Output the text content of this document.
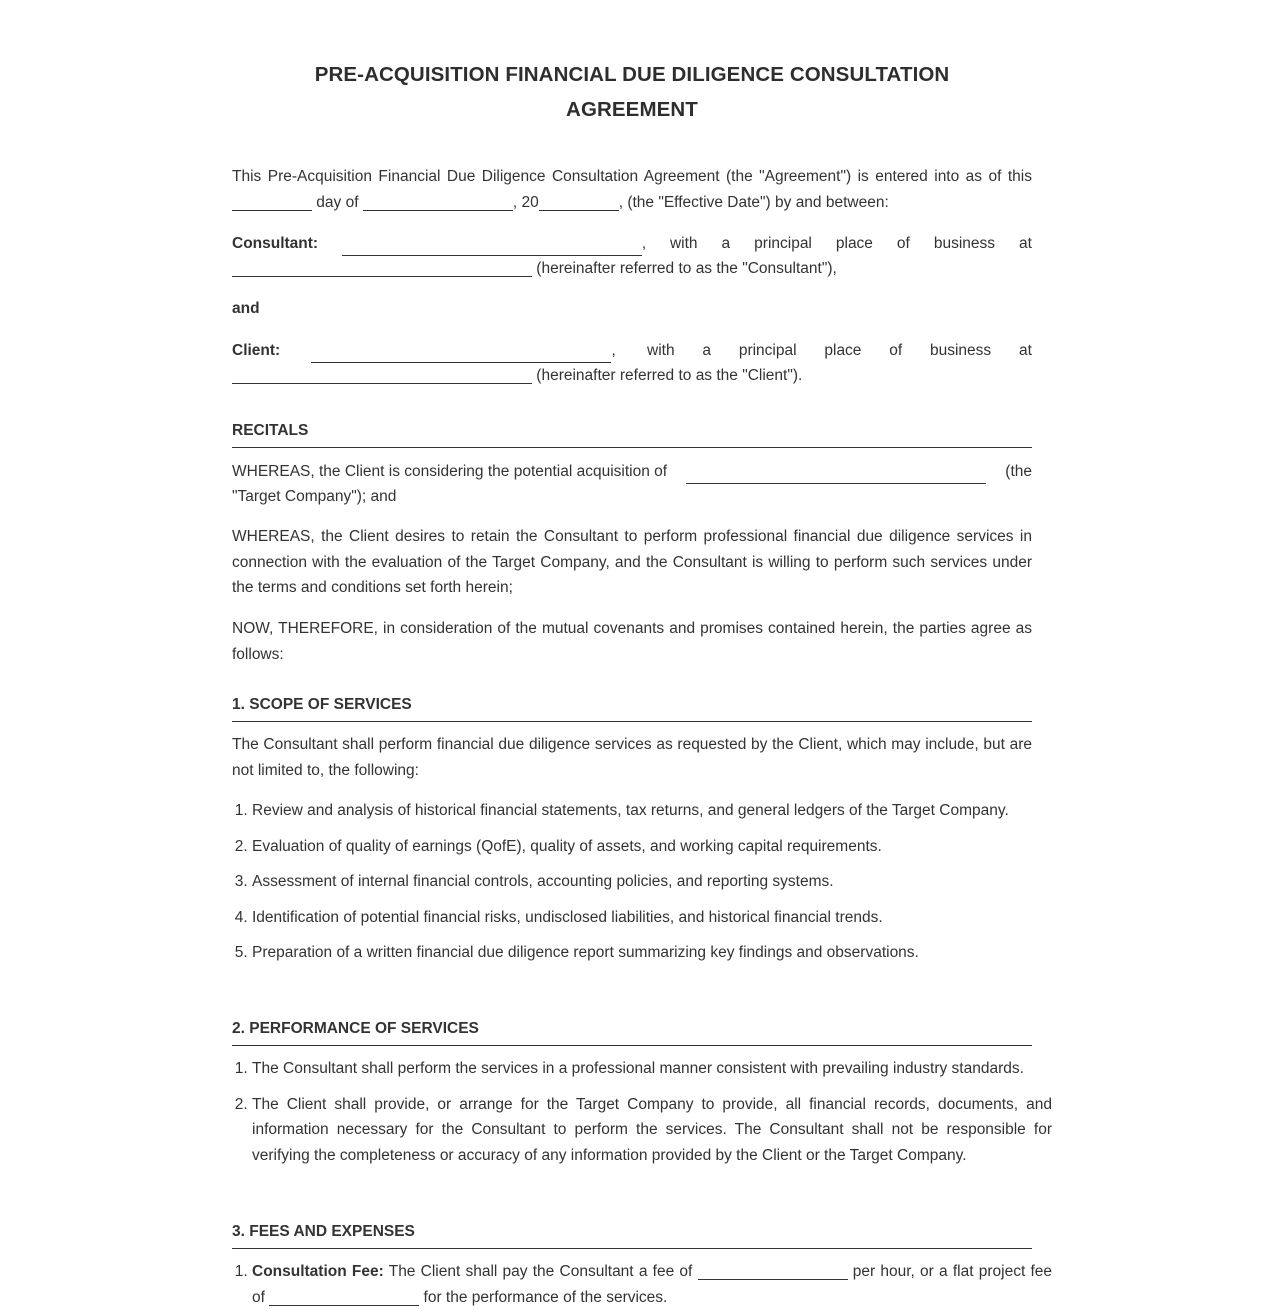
PRE-ACQUISITION FINANCIAL DUE DILIGENCE CONSULTATION
AGREEMENT

This Pre-Acquisition Financial Due Diligence Consultation Agreement (the "Agreement") is entered into as of this  day of	, 20	, (the "Effective Date") by and between:

Consultant:	, with a principal place of business at
(hereinafter referred to as the "Consultant"),

and

Client:	, with a principal place of business at
(hereinafter referred to as the "Client").
RECITALS
WHEREAS, the Client is considering the potential acquisition of	(the
"Target Company"); and

WHEREAS, the Client desires to retain the Consultant to perform professional financial due diligence services in connection with the evaluation of the Target Company, and the Consultant is willing to perform such services under the terms and conditions set forth herein;

NOW, THEREFORE, in consideration of the mutual covenants and promises contained herein, the parties agree as follows:

1. SCOPE OF SERVICES

The Consultant shall perform financial due diligence services as requested by the Client, which may include, but are not limited to, the following:

1. Review and analysis of historical financial statements, tax returns, and general ledgers of the Target Company.
2. Evaluation of quality of earnings (QofE), quality of assets, and working capital requirements.
3. Assessment of internal financial controls, accounting policies, and reporting systems.
4. Identification of potential financial risks, undisclosed liabilities, and historical financial trends.
5. Preparation of a written financial due diligence report summarizing key findings and observations.
2. PERFORMANCE OF SERVICES
1. The Consultant shall perform the services in a professional manner consistent with prevailing industry standards.
2. The Client shall provide, or arrange for the Target Company to provide, all financial records, documents, and information necessary for the Consultant to perform the services. The Consultant shall not be responsible for verifying the completeness or accuracy of any information provided by the Client or the Target Company.
3. FEES AND EXPENSES
1. Consultation Fee: The Client shall pay the Consultant a fee of	per hour, or a flat project fee of	for the performance of the services.
